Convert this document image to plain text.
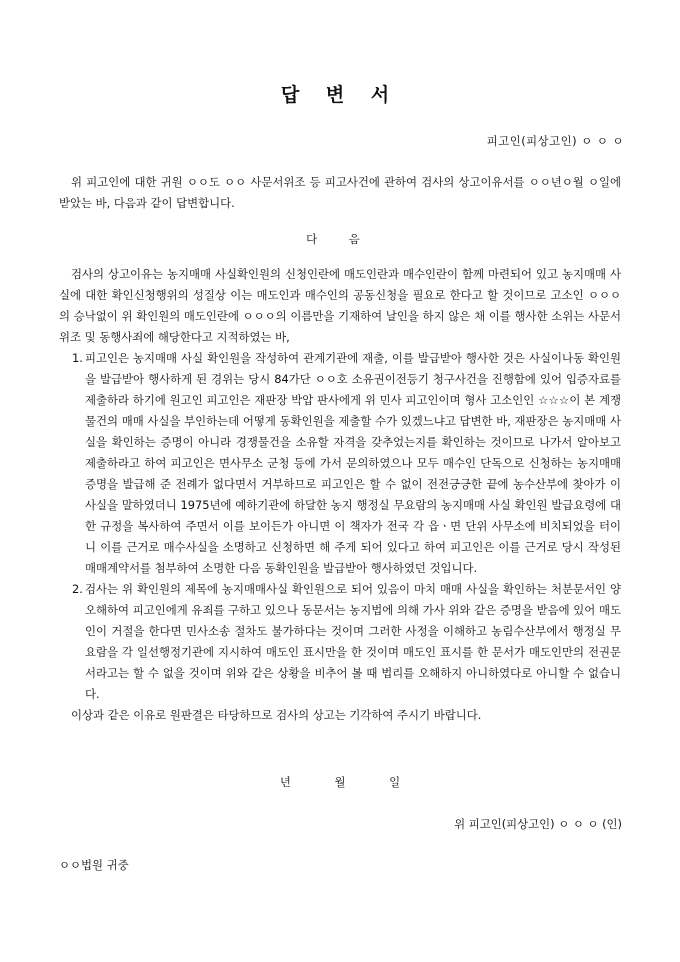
답 변 서
피고인(피상고인) ㅇ ㅇ ㅇ

위 피고인에 대한 귀원 ㅇㅇ도 ㅇㅇ 사문서위조 등 피고사건에 관하여 검사의 상고이유서를 ㅇㅇ년ㅇ월 ㅇ일에 받았는 바, 다음과 같이 답변합니다.

다 음

검사의 상고이유는 농지매매 사실확인원의 신청인란에 매도인란과 매수인란이 함께 마련되어 있고 농지매매 사실에 대한 확인신청행위의 성질상 이는 매도인과 매수인의 공동신청을 필요로 한다고 할 것이므로 고소인 ㅇㅇㅇ의 승낙없이 위 확인원의 매도인란에 ㅇㅇㅇ의 이름만을 기재하여 날인을 하지 않은 채 이를 행사한 소위는 사문서위조 및 동행사죄에 해당한다고 지적하였는 바,

1. 피고인은 농지매매 사실 확인원을 작성하여 관계기관에 재출, 이를 발급받아 행사한 것은 사실이나동 확인원을 발급받아 행사하게 된 경위는 당시 84가단 ㅇㅇ호 소유권이전등기 청구사건을 진행함에 있어 입증자료를 제출하라 하기에 원고인 피고인은 재판장 박압 판사에게 위 민사 피고인이며 형사 고소인인 ☆☆☆이 본 계쟁물건의 매매 사실을 부인하는데 어떻게 동확인원을 제출할 수가 있겠느냐고 답변한 바, 재판장은 농지매매 사실을 확인하는 증명이 아니라 경쟁물건을 소유할 자격을 갖추었는지를 확인하는 것이므로 나가서 알아보고 제출하라고 하여 피고인은 면사무소 군청 등에 가서 문의하였으나 모두 매수인 단독으로 신청하는 농지매매 증명을 발급해 준 전례가 없다면서 거부하므로 피고인은 할 수 없이 전전긍긍한 끝에 농수산부에 찾아가 이 사실을 말하였더니 1975년에 예하기관에 하달한 농지 행정실 무요람의 농지매매 사실 확인원 발급요령에 대한 규정을 복사하여 주면서 이를 보이든가 아니면 이 책자가 전국 각 읍ㆍ면 단위 사무소에 비치되었을 터이니 이를 근거로 매수사실을 소명하고 신청하면 해 주게 되어 있다고 하여 피고인은 이를 근거로 당시 작성된 매매계약서를 첨부하여 소명한 다음 동확인원을 발급받아 행사하였던 것입니다.
2. 검사는 위 확인원의 제목에 농지매매사실 확인원으로 되어 있음이 마치 매매 사실을 확인하는 처분문서인 양 오해하여 피고인에게 유죄를 구하고 있으나 동문서는 농지법에 의해 가사 위와 같은 증명을 받음에 있어 매도인이 거절을 한다면 민사소송 절차도 불가하다는 것이며 그러한 사정을 이해하고 농림수산부에서 행정실 무요람을 각 일선행정기관에 지시하여 매도인 표시만을 한 것이며 매도인 표시를 한 문서가 매도인만의 전권문서라고는 할 수 없을 것이며 위와 같은 상황을 비추어 볼 때 법리를 오해하지 아니하였다로 아니할 수 없습니다.

이상과 같은 이유로 원판결은 타당하므로 검사의 상고는 기각하여 주시기 바랍니다.

년 월 일
위 피고인(피상고인) ㅇ ㅇ ㅇ (인)
ㅇㅇ법원 귀중
